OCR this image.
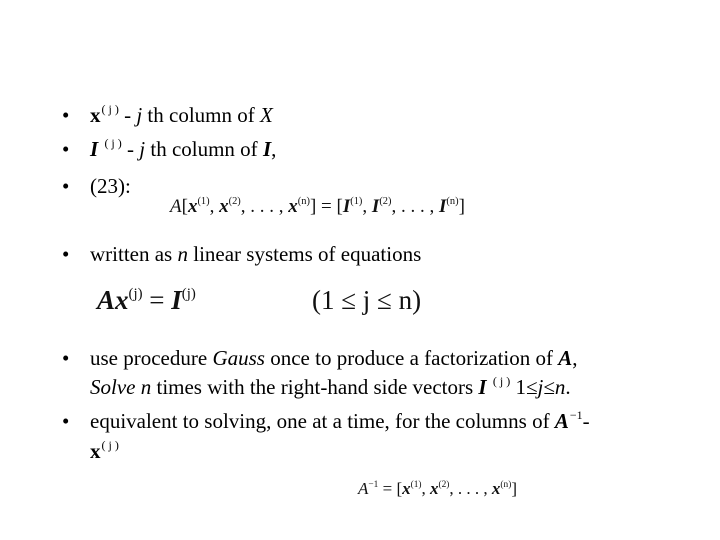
• $x^{( j )}$ - j th column of X
• I $^{( j )}$ - j th column of I,
• (23):
$A[x^{(1)}$, $x^{(2)}$, . . . , $x^{(n)}] = [I^{(1)}$, $I^{(2)}$, . . . , $I^{(n)}$]
• written as n linear systems of equations
$Ax^{(j)} = I^{(j)}$	(1 ≤ j ≤ n)
• use procedure Gauss once to produce a factorization of A,
Solve n times with the right-hand side vectors I $^{( j )}$ 1≤j≤n.
• equivalent to solving, one at a time, for the columns of $A^{-1}-$
$x^{( j )}$
$A^{-1} = [x^{(1)}$, $x^{(2)}$, . . . , $x^{(n)}$]
